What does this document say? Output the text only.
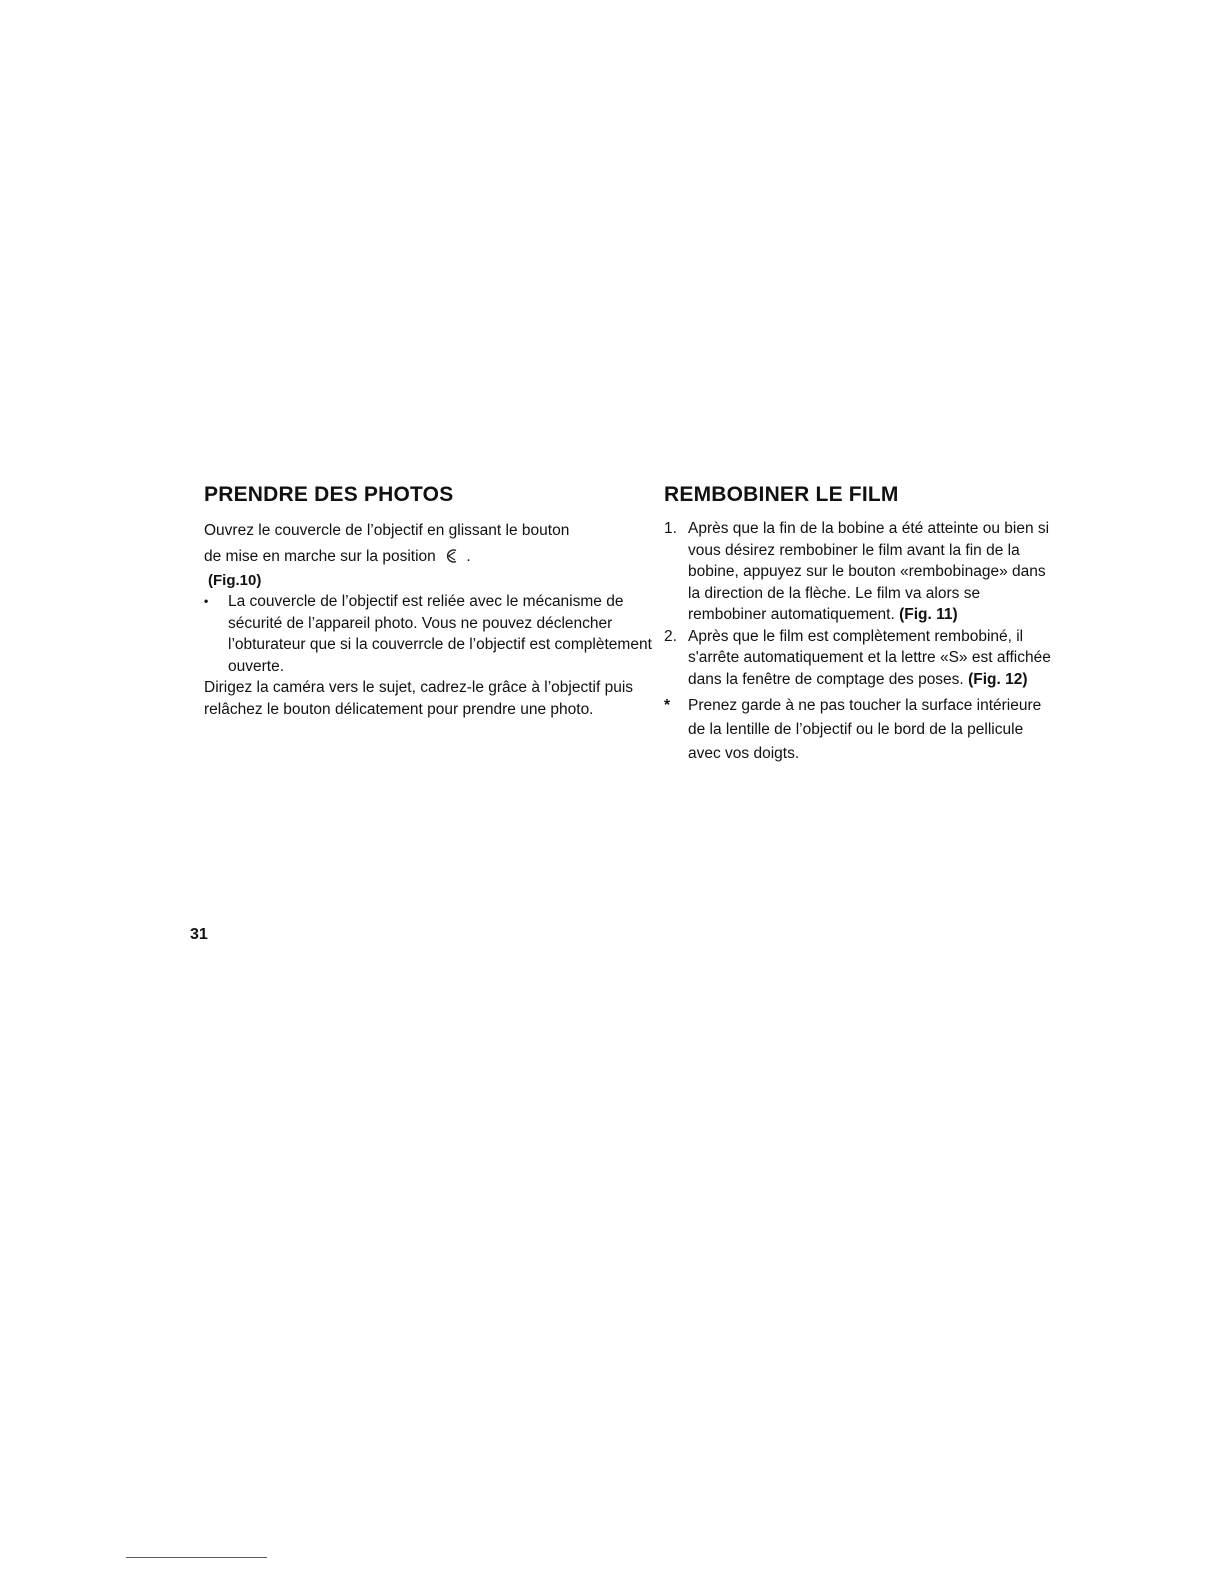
PRENDRE DES PHOTOS

Ouvrez le couvercle de l’objectif en glissant le bouton
de mise en marche sur la position .

(Fig.10)

•	La couvercle de l’objectif est reliée avec le mécanisme de sécurité de l’appareil photo. Vous ne pouvez déclencher l’obturateur que si la couverrcle de l’objectif est complètement ouverte.

Dirigez la caméra vers le sujet, cadrez-le grâce à l’objectif puis relâchez le bouton délicatement pour prendre une photo.

REMBOBINER LE FILM
1. Après que la fin de la bobine a été atteinte ou bien si vous désirez rembobiner le film avant la fin de la bobine, appuyez sur le bouton «rembobinage» dans la direction de la flèche. Le film va alors se rembobiner automatiquement. (Fig. 11)
2. Après que le film est complètement rembobiné, il s'arrête automatiquement et la lettre «S» est affichée dans la fenêtre de comptage des poses. (Fig. 12)
*	Prenez garde à ne pas toucher la surface intérieure de la lentille de l’objectif ou le bord de la pellicule avec vos doigts.
31
